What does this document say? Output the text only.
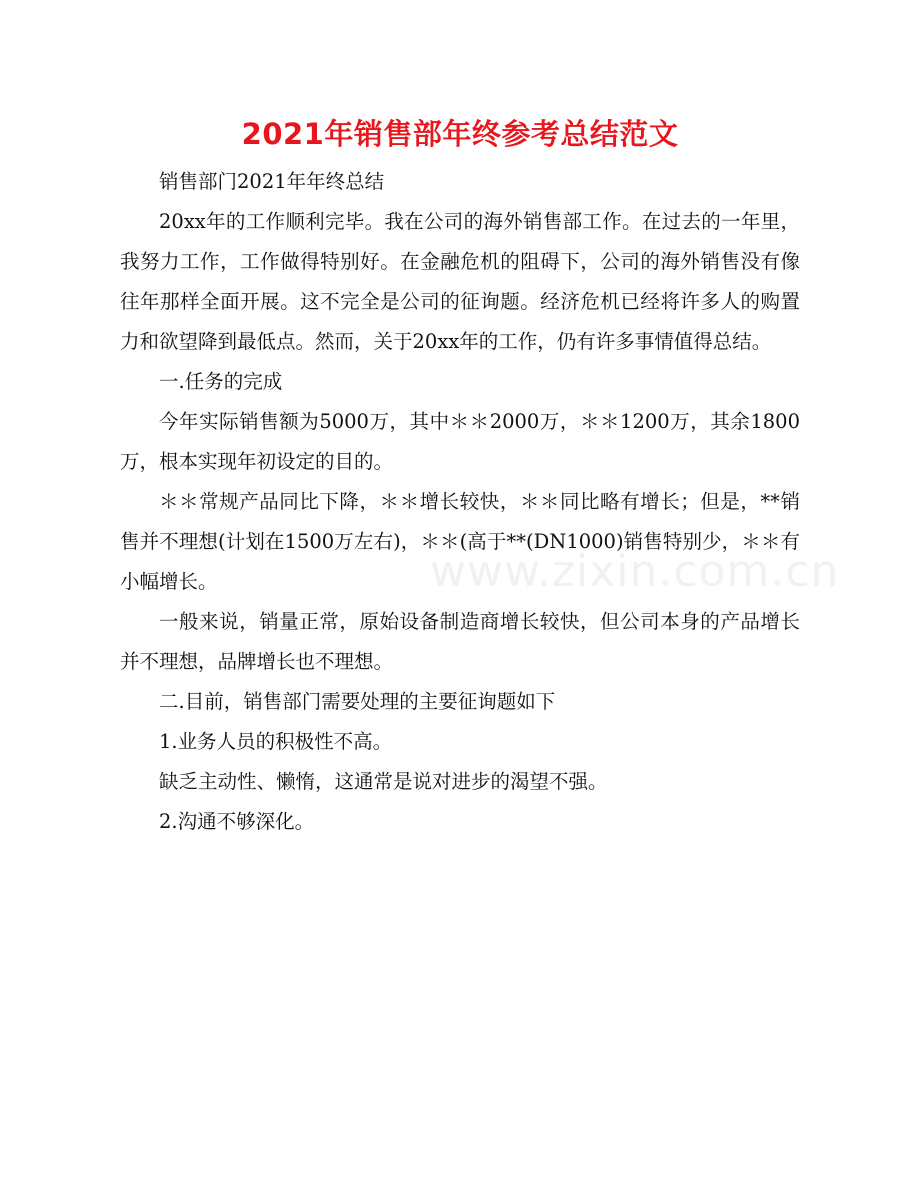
2021年销售部年终参考总结范文

销售部门2021年年终总结

20xx年的工作顺利完毕。我在公司的海外销售部工作。在过去的一年里，我努力工作，工作做得特别好。在金融危机的阻碍下，公司的海外销售没有像往年那样全面开展。这不完全是公司的征询题。经济危机已经将许多人的购置力和欲望降到最低点。然而，关于20xx年的工作，仍有许多事情值得总结。

一.任务的完成

今年实际销售额为5000万，其中＊＊2000万，＊＊1200万，其余1800万，根本实现年初设定的目的。

＊＊常规产品同比下降，＊＊增长较快，＊＊同比略有增长；但是，**销售并不理想(计划在1500万左右)，＊＊(高于**(DN1000)销售特别少，＊＊有小幅增长。

一般来说，销量正常，原始设备制造商增长较快，但公司本身的产品增长并不理想，品牌增长也不理想。

二.目前，销售部门需要处理的主要征询题如下

1.业务人员的积极性不高。

缺乏主动性、懒惰，这通常是说对进步的渴望不强。

2.沟通不够深化。

www.zixin.com.cn
